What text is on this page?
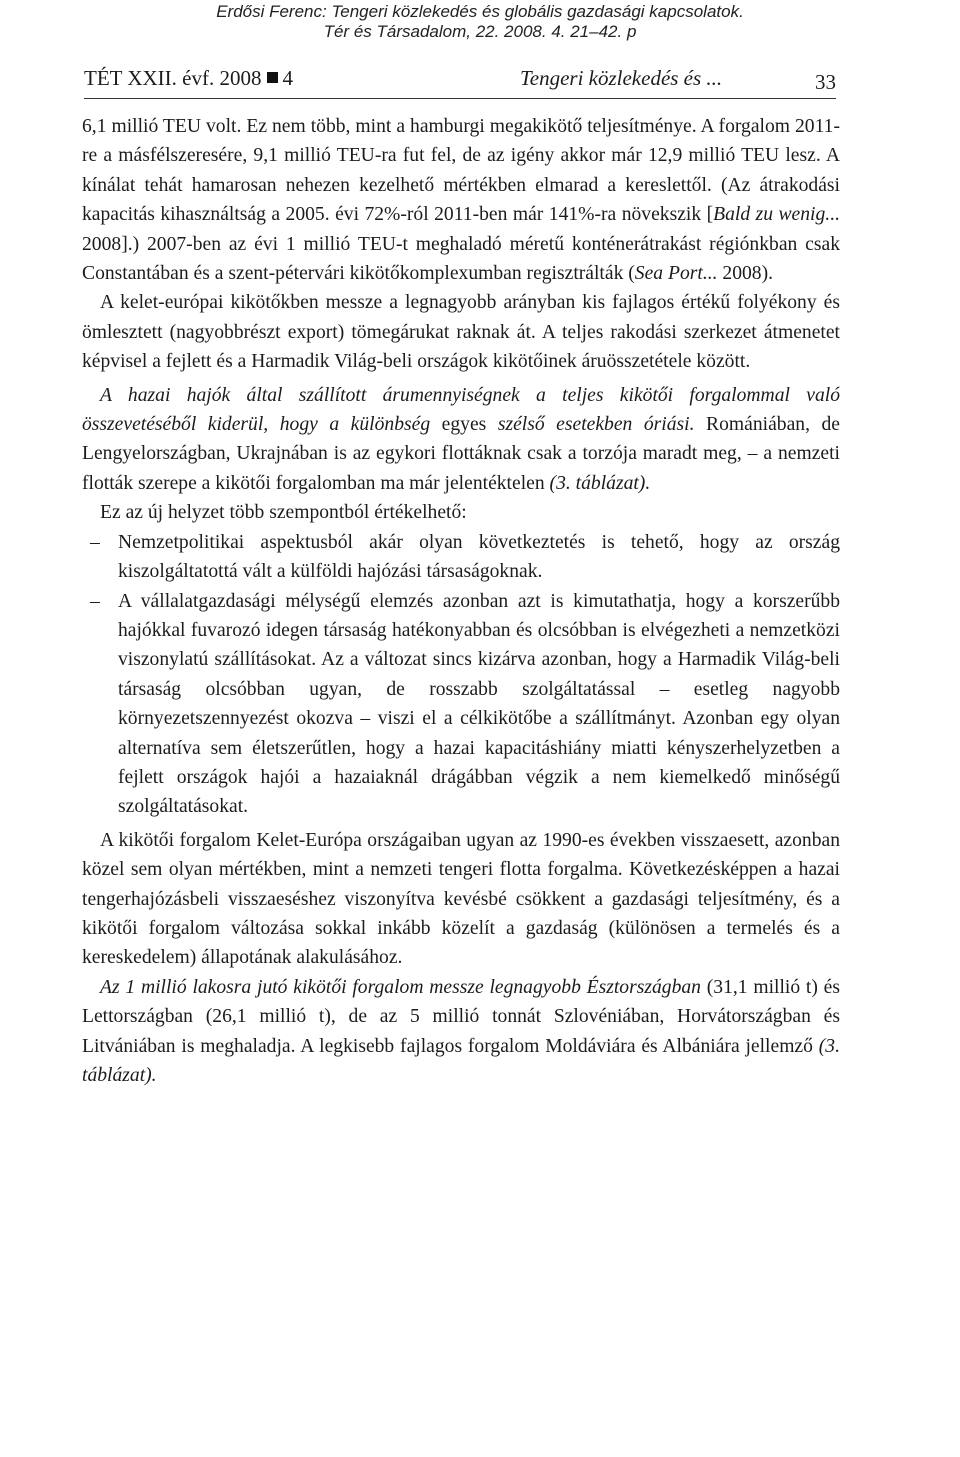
Erdősi Ferenc: Tengeri közlekedés és globális gazdasági kapcsolatok.
Tér és Társadalom, 22. 2008. 4. 21–42. p
TÉT XXII. évf. 2008 4	Tengeri közlekedés és ...	33

6,1 millió TEU volt. Ez nem több, mint a hamburgi megakikötő teljesítménye. A forgalom 2011-re a másfélszeresére, 9,1 millió TEU-ra fut fel, de az igény akkor már 12,9 millió TEU lesz. A kínálat tehát hamarosan nehezen kezelhető mértékben elmarad a kereslettől. (Az átrakodási kapacitás kihasználtság a 2005. évi 72%-ról 2011-ben már 141%-ra növekszik [Bald zu wenig... 2008].) 2007-ben az évi 1 millió TEU-t meghaladó méretű konténerátrakást régiónkban csak Constantában és a szent-pétervári kikötőkomplexumban regisztrálták (Sea Port... 2008).

A kelet-európai kikötőkben messze a legnagyobb arányban kis fajlagos értékű folyékony és ömlesztett (nagyobbrészt export) tömegárukat raknak át. A teljes rakodási szerkezet átmenetet képvisel a fejlett és a Harmadik Világ-beli országok kikötőinek áruösszetétele között.

A hazai hajók által szállított árumennyiségnek a teljes kikötői forgalommal való összevetéséből kiderül, hogy a különbség egyes szélső esetekben óriási. Romániában, de Lengyelországban, Ukrajnában is az egykori flottáknak csak a torzója maradt meg, – a nemzeti flották szerepe a kikötői forgalomban ma már jelentéktelen (3. táblázat).

Ez az új helyzet több szempontból értékelhető:

– Nemzetpolitikai aspektusból akár olyan következtetés is tehető, hogy az ország kiszolgáltatottá vált a külföldi hajózási társaságoknak.
– A vállalatgazdasági mélységű elemzés azonban azt is kimutathatja, hogy a korszerűbb hajókkal fuvarozó idegen társaság hatékonyabban és olcsóbban is elvégezheti a nemzetközi viszonylatú szállításokat. Az a változat sincs kizárva azonban, hogy a Harmadik Világ-beli társaság olcsóbban ugyan, de rosszabb szolgáltatással – esetleg nagyobb környezetszennyezést okozva – viszi el a célkikötőbe a szállítmányt. Azonban egy olyan alternatíva sem életszerűtlen, hogy a hazai kapacitáshiány miatti kényszerhelyzetben a fejlett országok hajói a hazaiaknál drágábban végzik a nem kiemelkedő minőségű szolgáltatásokat.

A kikötői forgalom Kelet-Európa országaiban ugyan az 1990-es években visszaesett, azonban közel sem olyan mértékben, mint a nemzeti tengeri flotta forgalma. Következésképpen a hazai tengerhajózásbeli visszaeséshez viszonyítva kevésbé csökkent a gazdasági teljesítmény, és a kikötői forgalom változása sokkal inkább közelít a gazdaság (különösen a termelés és a kereskedelem) állapotának alakulásához.

Az 1 millió lakosra jutó kikötői forgalom messze legnagyobb Észtországban (31,1 millió t) és Lettországban (26,1 millió t), de az 5 millió tonnát Szlovéniában, Horvátországban és Litvániában is meghaladja. A legkisebb fajlagos forgalom Moldáviára és Albániára jellemző (3. táblázat).
